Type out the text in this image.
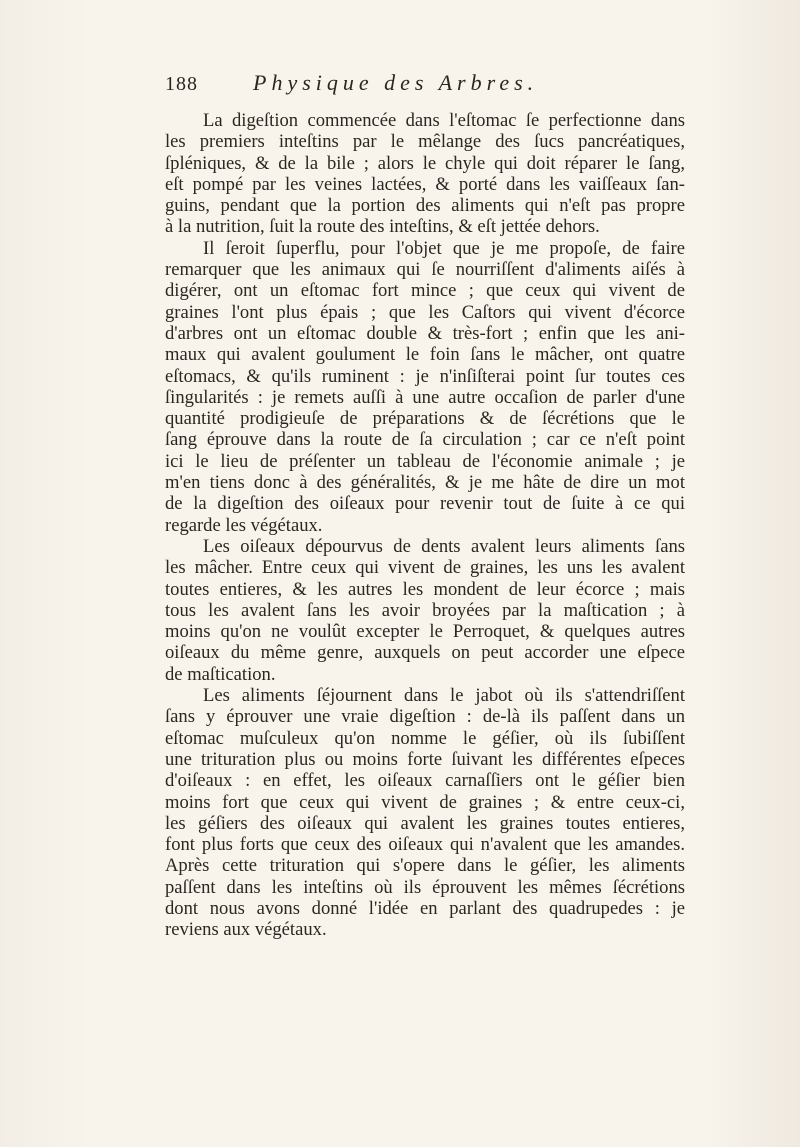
188	Physique des Arbres.
La digeſtion commencée dans l'eſtomac ſe perfectionne dans
les premiers inteſtins par le mêlange des ſucs pancréatiques,
ſpléniques, & de la bile ; alors le chyle qui doit réparer le ſang,
eſt pompé par les veines lactées, & porté dans les vaiſſeaux ſan-
guins, pendant que la portion des aliments qui n'eſt pas propre
à la nutrition, ſuit la route des inteſtins, & eſt jettée dehors.
Il ſeroit ſuperflu, pour l'objet que je me propoſe, de faire
remarquer que les animaux qui ſe nourriſſent d'aliments aiſés à
digérer, ont un eſtomac fort mince ; que ceux qui vivent de
graines l'ont plus épais ; que les Caſtors qui vivent d'écorce
d'arbres ont un eſtomac double & très-fort ; enfin que les ani-
maux qui avalent goulument le foin ſans le mâcher, ont quatre
eſtomacs, & qu'ils ruminent : je n'inſiſterai point ſur toutes ces
ſingularités : je remets auſſi à une autre occaſion de parler d'une
quantité prodigieuſe de préparations & de ſécrétions que le
ſang éprouve dans la route de ſa circulation ; car ce n'eſt point
ici le lieu de préſenter un tableau de l'économie animale ; je
m'en tiens donc à des généralités, & je me hâte de dire un mot
de la digeſtion des oiſeaux pour revenir tout de ſuite à ce qui
regarde les végétaux.
Les oiſeaux dépourvus de dents avalent leurs aliments ſans
les mâcher. Entre ceux qui vivent de graines, les uns les avalent
toutes entieres, & les autres les mondent de leur écorce ; mais
tous les avalent ſans les avoir broyées par la maſtication ; à
moins qu'on ne voulût excepter le Perroquet, & quelques autres
oiſeaux du même genre, auxquels on peut accorder une eſpece
de maſtication.
Les aliments ſéjournent dans le jabot où ils s'attendriſſent
ſans y éprouver une vraie digeſtion : de-là ils paſſent dans un
eſtomac muſculeux qu'on nomme le géſier, où ils ſubiſſent
une trituration plus ou moins forte ſuivant les différentes eſpeces
d'oiſeaux : en effet, les oiſeaux carnaſſiers ont le géſier bien
moins fort que ceux qui vivent de graines ; & entre ceux-ci,
les géſiers des oiſeaux qui avalent les graines toutes entieres,
font plus forts que ceux des oiſeaux qui n'avalent que les amandes.
Après cette trituration qui s'opere dans le géſier, les aliments
paſſent dans les inteſtins où ils éprouvent les mêmes ſécrétions
dont nous avons donné l'idée en parlant des quadrupedes : je
reviens aux végétaux.
